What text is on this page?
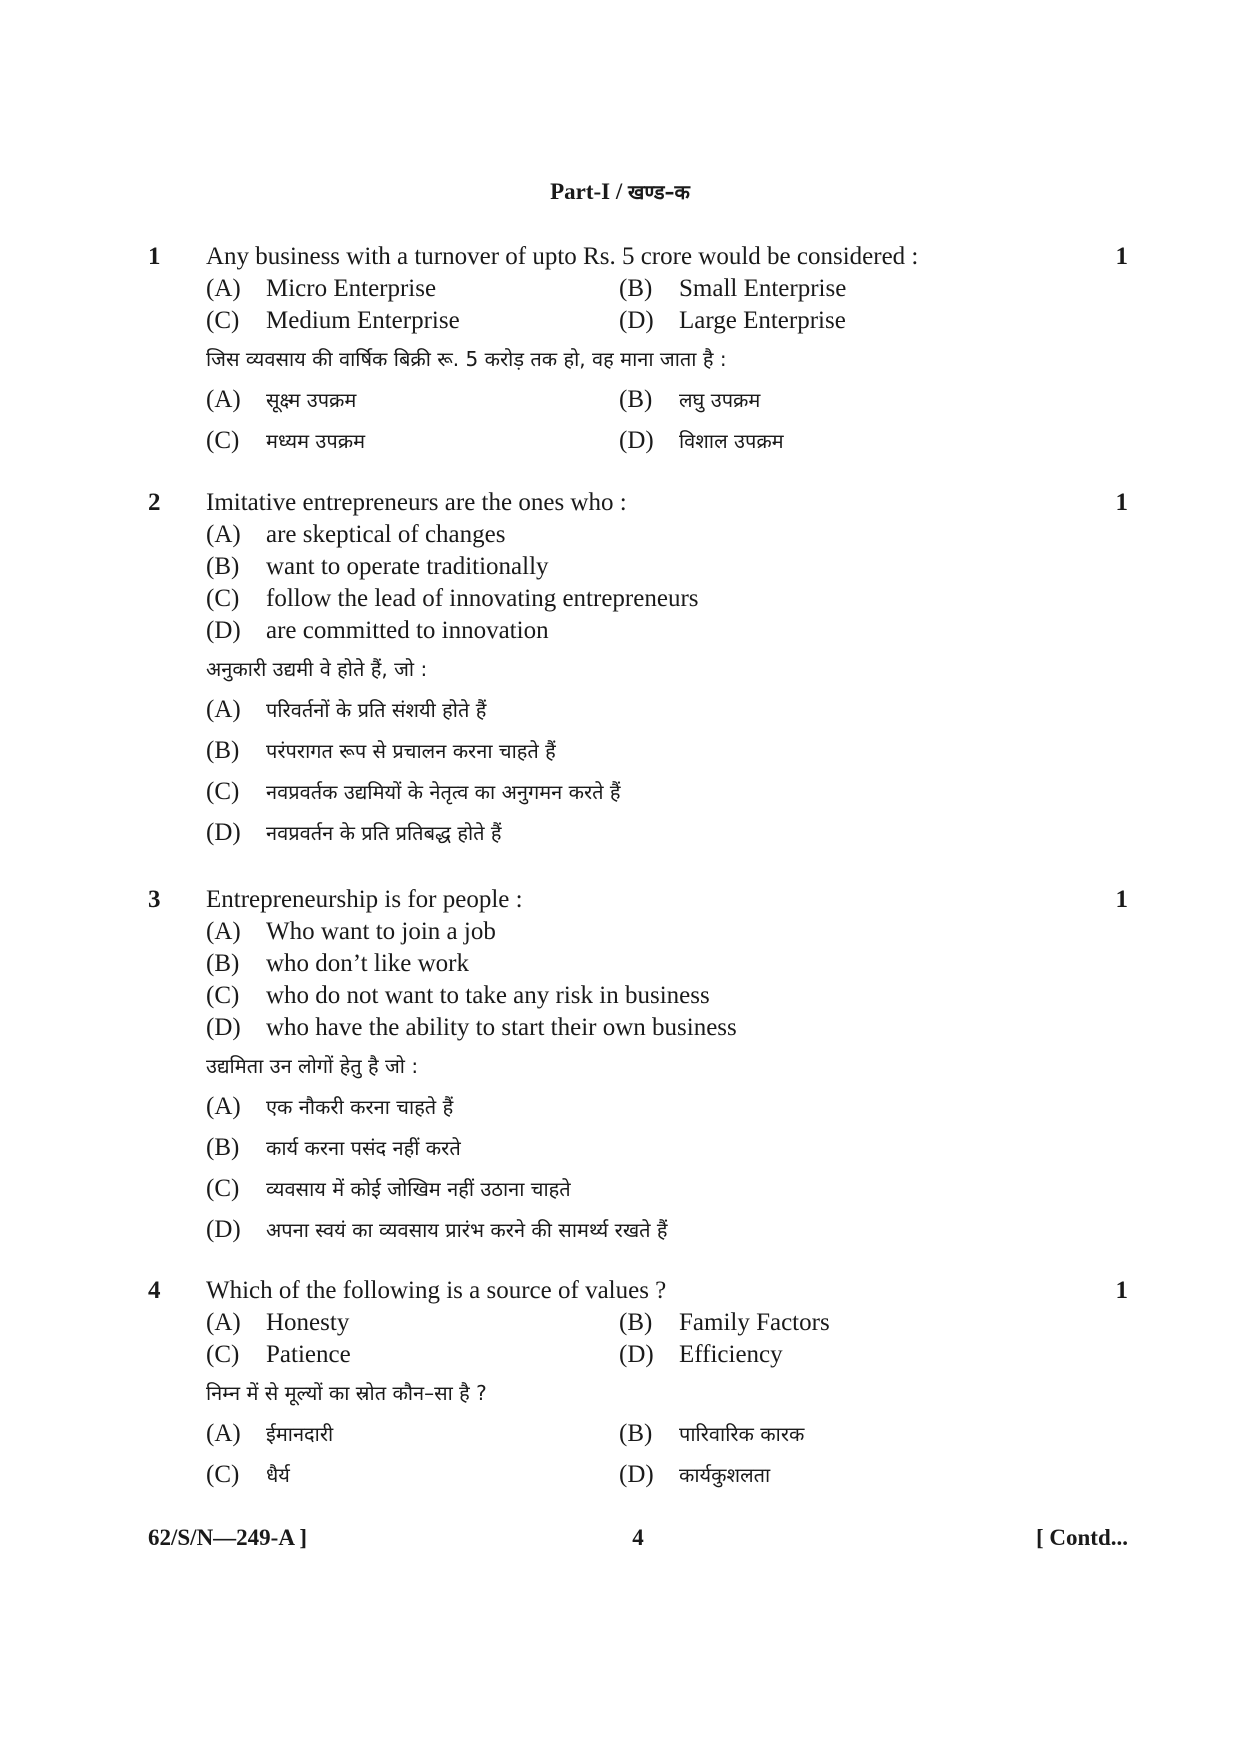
Part-I / खण्ड–क
1 Any business with a turnover of upto Rs. 5 crore would be considered :	1
(A) Micro Enterprise	(B) Small Enterprise
(C) Medium Enterprise	(D) Large Enterprise
जिस व्यवसाय की वार्षिक बिक्री रू. 5 करोड़ तक हो, वह माना जाता है :
(A) सूक्ष्म उपक्रम	(B) लघु उपक्रम
(C) मध्यम उपक्रम	(D) विशाल उपक्रम
2 Imitative entrepreneurs are the ones who :	1
(A) are skeptical of changes
(B) want to operate traditionally
(C) follow the lead of innovating entrepreneurs
(D) are committed to innovation
अनुकारी उद्यमी वे होते हैं, जो :
(A) परिवर्तनों के प्रति संशयी होते हैं
(B) परंपरागत रूप से प्रचालन करना चाहते हैं
(C) नवप्रवर्तक उद्यमियों के नेतृत्व का अनुगमन करते हैं
(D) नवप्रवर्तन के प्रति प्रतिबद्ध होते हैं
3 Entrepreneurship is for people :	1
(A) Who want to join a job
(B) who don’t like work
(C) who do not want to take any risk in business
(D) who have the ability to start their own business
उद्यमिता उन लोगों हेतु है जो :
(A) एक नौकरी करना चाहते हैं
(B) कार्य करना पसंद नहीं करते
(C) व्यवसाय में कोई जोखिम नहीं उठाना चाहते
(D) अपना स्वयं का व्यवसाय प्रारंभ करने की सामर्थ्य रखते हैं
4 Which of the following is a source of values ?	1
(A) Honesty	(B) Family Factors
(C) Patience	(D) Efficiency
निम्न में से मूल्यों का स्रोत कौन–सा है ?
(A) ईमानदारी	(B) पारिवारिक कारक
(C) धैर्य	(D) कार्यकुशलता
62/S/N—249-A ]	4	[ Contd...
